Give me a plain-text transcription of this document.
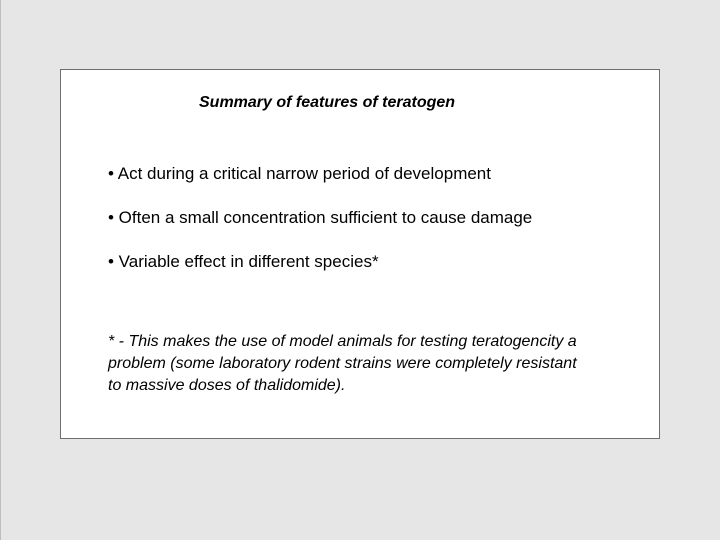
Summary of features of teratogen
• Act during a critical narrow period of development
• Often a small concentration sufficient to cause damage
• Variable effect in different species*

* - This makes the use of model animals for testing teratogencity a
problem (some laboratory rodent strains were completely resistant
to massive doses of thalidomide).
